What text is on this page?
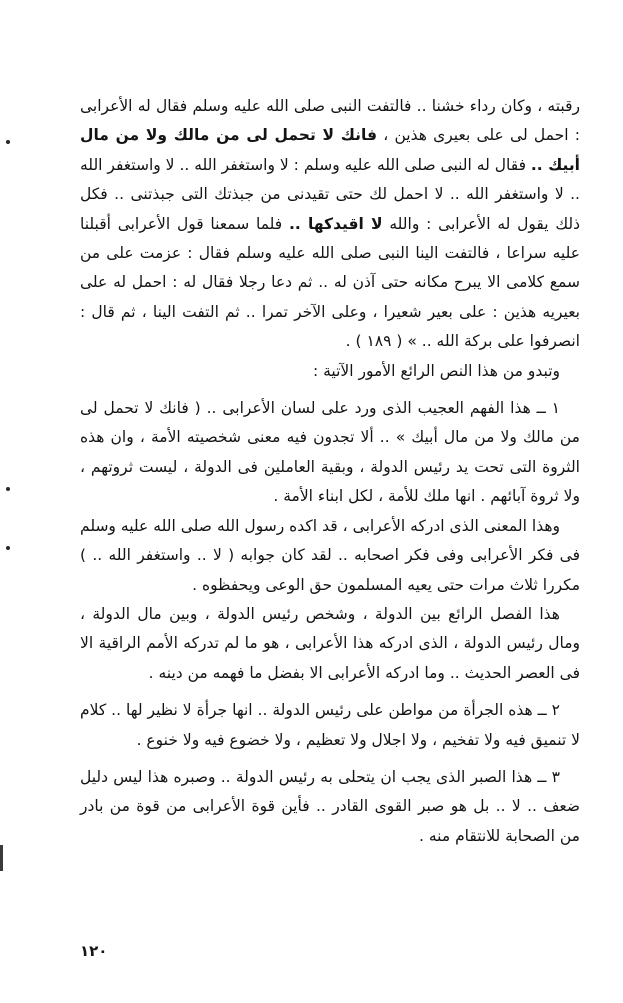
رقبته ، وكان رداء خشنا .. فالتفت النبى صلى الله عليه وسلم فقال له الأعرابى : احمل لى على بعيرى هذين ، فانك لا تحمل لى من مالك ولا من مال أبيك .. فقال له النبى صلى الله عليه وسلم : لا واستغفر الله .. لا واستغفر الله .. لا واستغفر الله .. لا احمل لك حتى تقيدنى من جبذتك التى جبذتنى .. فكل ذلك يقول له الأعرابى : والله لا اقيدكها .. فلما سمعنا قول الأعرابى أقبلنا عليه سراعا ، فالتفت الينا النبى صلى الله عليه وسلم فقال : عزمت على من سمع كلامى الا يبرح مكانه حتى آذن له .. ثم دعا رجلا فقال له : احمل له على بعيريه هذين : على بعير شعيرا ، وعلى الآخر تمرا .. ثم التفت الينا ، ثم قال : انصرفوا على بركة الله .. » ( ١٨٩ ) .

وتبدو من هذا النص الرائع الأمور الآتية :

١ ــ هذا الفهم العجيب الذى ورد على لسان الأعرابى .. ( فانك لا تحمل لى من مالك ولا من مال أبيك » .. ألا تجدون فيه معنى شخصيته الأمة ، وان هذه الثروة التى تحت يد رئيس الدولة ، وبقية العاملين فى الدولة ، ليست ثروتهم ، ولا ثروة آبائهم . انها ملك للأمة ، لكل ابناء الأمة .

وهذا المعنى الذى ادركه الأعرابى ، قد اكده رسول الله صلى الله عليه وسلم فى فكر الأعرابى وفى فكر اصحابه .. لقد كان جوابه ( لا .. واستغفر الله .. ) مكررا ثلاث مرات حتى يعيه المسلمون حق الوعى ويحفظوه .

هذا الفصل الرائع بين الدولة ، وشخص رئيس الدولة ، وبين مال الدولة ، ومال رئيس الدولة ، الذى ادركه هذا الأعرابى ، هو ما لم تدركه الأمم الراقية الا فى العصر الحديث .. وما ادركه الأعرابى الا بفضل ما فهمه من دينه .

٢ ــ هذه الجرأة من مواطن على رئيس الدولة .. انها جرأة لا نظير لها .. كلام لا تنميق فيه ولا تفخيم ، ولا اجلال ولا تعظيم ، ولا خضوع فيه ولا خنوع .

٣ ــ هذا الصبر الذى يجب ان يتحلى به رئيس الدولة .. وصبره هذا ليس دليل ضعف .. لا .. بل هو صبر القوى القادر .. فأين قوة الأعرابى من قوة من بادر من الصحابة للانتقام منه .

١٢٠
